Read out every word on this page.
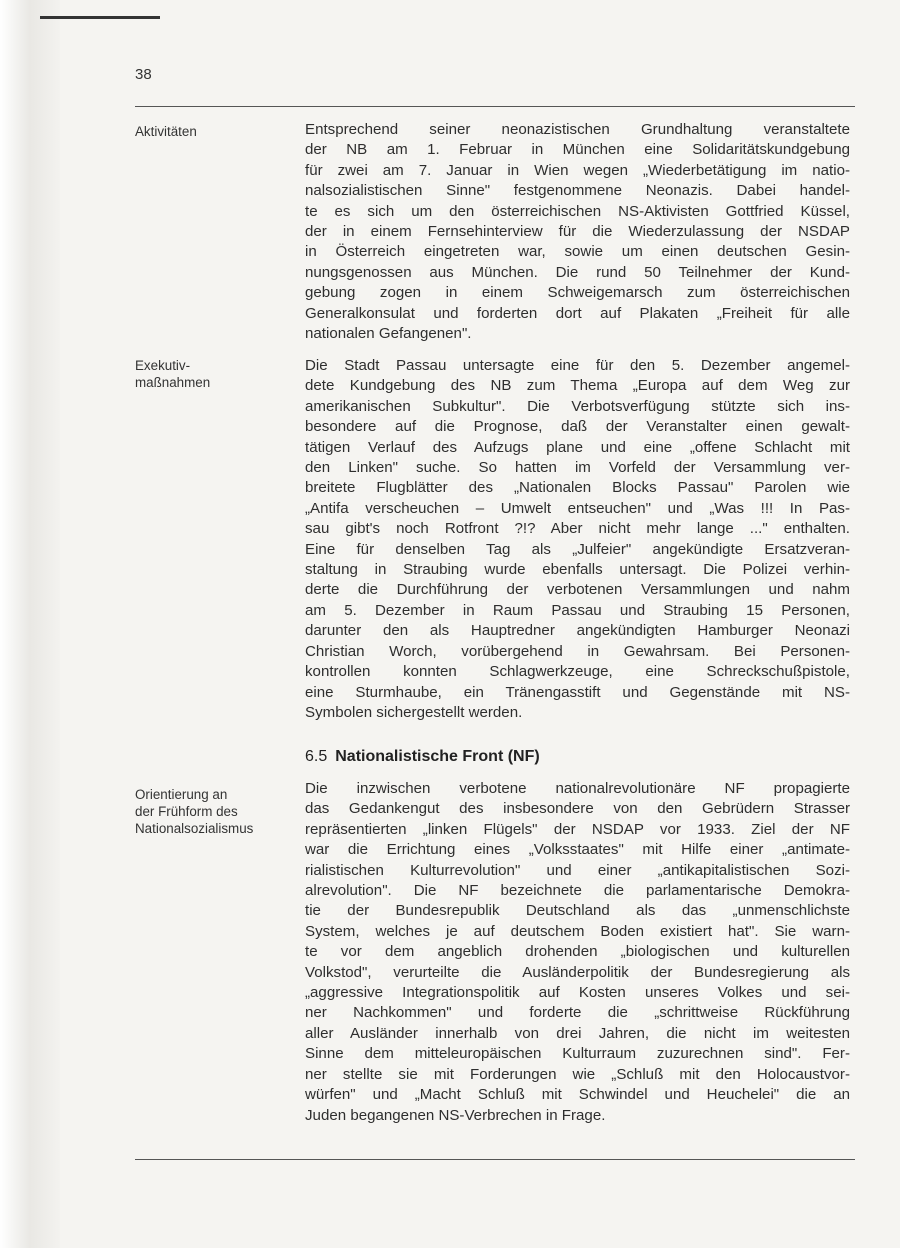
38
Aktivitäten
Exekutiv-
maßnahmen
Orientierung an
der Frühform des
Nationalsozialismus
Entsprechend seiner neonazistischen Grundhaltung veranstaltete
der NB am 1. Februar in München eine Solidaritätskundgebung
für zwei am 7. Januar in Wien wegen „Wiederbetätigung im natio-
nalsozialistischen Sinne" festgenommene Neonazis. Dabei handel-
te es sich um den österreichischen NS-Aktivisten Gottfried Küssel,
der in einem Fernsehinterview für die Wiederzulassung der NSDAP
in Österreich eingetreten war, sowie um einen deutschen Gesin-
nungsgenossen aus München. Die rund 50 Teilnehmer der Kund-
gebung zogen in einem Schweigemarsch zum österreichischen
Generalkonsulat und forderten dort auf Plakaten „Freiheit für alle
nationalen Gefangenen".
Die Stadt Passau untersagte eine für den 5. Dezember angemel-
dete Kundgebung des NB zum Thema „Europa auf dem Weg zur
amerikanischen Subkultur". Die Verbotsverfügung stützte sich ins-
besondere auf die Prognose, daß der Veranstalter einen gewalt-
tätigen Verlauf des Aufzugs plane und eine „offene Schlacht mit
den Linken" suche. So hatten im Vorfeld der Versammlung ver-
breitete Flugblätter des „Nationalen Blocks Passau" Parolen wie
„Antifa verscheuchen – Umwelt entseuchen" und „Was !!! In Pas-
sau gibt's noch Rotfront ?!? Aber nicht mehr lange ..." enthalten.
Eine für denselben Tag als „Julfeier" angekündigte Ersatzveran-
staltung in Straubing wurde ebenfalls untersagt. Die Polizei verhin-
derte die Durchführung der verbotenen Versammlungen und nahm
am 5. Dezember in Raum Passau und Straubing 15 Personen,
darunter den als Hauptredner angekündigten Hamburger Neonazi
Christian Worch, vorübergehend in Gewahrsam. Bei Personen-
kontrollen konnten Schlagwerkzeuge, eine Schreckschußpistole,
eine Sturmhaube, ein Tränengasstift und Gegenstände mit NS-
Symbolen sichergestellt werden.
6.5 Nationalistische Front (NF)
Die inzwischen verbotene nationalrevolutionäre NF propagierte
das Gedankengut des insbesondere von den Gebrüdern Strasser
repräsentierten „linken Flügels" der NSDAP vor 1933. Ziel der NF
war die Errichtung eines „Volksstaates" mit Hilfe einer „antimate-
rialistischen Kulturrevolution" und einer „antikapitalistischen Sozi-
alrevolution". Die NF bezeichnete die parlamentarische Demokra-
tie der Bundesrepublik Deutschland als das „unmenschlichste
System, welches je auf deutschem Boden existiert hat". Sie warn-
te vor dem angeblich drohenden „biologischen und kulturellen
Volkstod", verurteilte die Ausländerpolitik der Bundesregierung als
„aggressive Integrationspolitik auf Kosten unseres Volkes und sei-
ner Nachkommen" und forderte die „schrittweise Rückführung
aller Ausländer innerhalb von drei Jahren, die nicht im weitesten
Sinne dem mitteleuropäischen Kulturraum zuzurechnen sind". Fer-
ner stellte sie mit Forderungen wie „Schluß mit den Holocaustvor-
würfen" und „Macht Schluß mit Schwindel und Heuchelei" die an
Juden begangenen NS-Verbrechen in Frage.
